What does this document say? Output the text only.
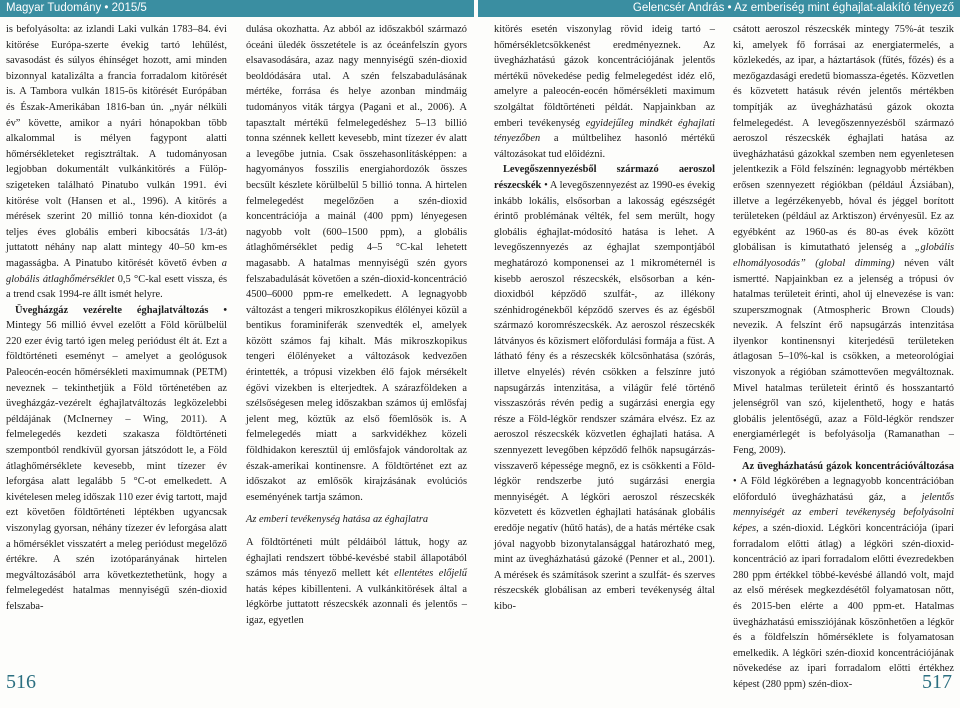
Magyar Tudomány • 2015/5	Gelencsér András • Az emberiség mint éghajlat-alakító tényező

is befolyásolta: az izlandi Laki vulkán 1783–84. évi kitörése Európa-szerte évekig tartó lehűlést, savasodást és súlyos éhínséget hozott, ami minden bizonnyal katalizálta a francia forradalom kitörését is. A Tambora vulkán 1815-ös kitörését Európában és Észak-Amerikában 1816-ban ún. „nyár nélküli év” követte, amikor a nyári hónapokban több alkalommal is mélyen fagypont alatti hőmérsékleteket regisztráltak. A tudományosan legjobban dokumentált vulkánkitörés a Fülöp-szigeteken található Pinatubo vulkán 1991. évi kitörése volt (Hansen et al., 1996). A kitörés a mérések szerint 20 millió tonna kén-dioxidot (a teljes éves globális emberi kibocsátás 1/3-át) juttatott néhány nap alatt mintegy 40–50 km-es magasságba. A Pinatubo kitörését követő évben a globális átlaghőmérséklet 0,5 °C-kal esett vissza, és a trend csak 1994-re állt ismét helyre.

Üvegházgáz vezérelte éghajlatváltozás • Mintegy 56 millió évvel ezelőtt a Föld körülbelül 220 ezer évig tartó igen meleg periódust élt át. Ezt a földtörténeti eseményt – amelyet a geológusok Paleocén-eocén hőmérsékleti maximumnak (PETM) neveznek – tekinthetjük a Föld történetében az üvegházgáz-vezérelt éghajlatváltozás legközelebbi példájának (McInerney – Wing, 2011). A felmelegedés kezdeti szakasza földtörténeti szempontból rendkívül gyorsan játszódott le, a Föld átlaghőmérséklete kevesebb, mint tízezer év leforgása alatt legalább 5 °C-ot emelkedett. A kivételesen meleg időszak 110 ezer évig tartott, majd ezt követően földtörténeti léptékben ugyancsak viszonylag gyorsan, néhány tízezer év leforgása alatt a hőmérséklet visszatért a meleg periódust megelőző értékre. A szén izotóparányának hirtelen megváltozásából arra következtethetünk, hogy a felmelegedést hatalmas mennyiségű szén-dioxid felszaba-

dulása okozhatta. Az abból az időszakból származó óceáni üledék összetétele is az óceánfelszín gyors elsavasodására, azaz nagy mennyiségű szén-dioxid beoldódására utal. A szén felszabadulásának mértéke, forrása és helye azonban mindmáig tudományos viták tárgya (Pagani et al., 2006). A tapasztalt mértékű felmelegedéshez 5–13 billió tonna szénnek kellett kevesebb, mint tízezer év alatt a levegőbe jutnia. Csak összehasonlításképpen: a hagyományos fosszilis energiahordozók összes becsült készlete körülbelül 5 billió tonna. A hirtelen felmelegedést megelőzően a szén-dioxid koncentrációja a mainál (400 ppm) lényegesen nagyobb volt (600–1500 ppm), a globális átlaghőmérséklet pedig 4–5 °C-kal lehetett magasabb. A hatalmas mennyiségű szén gyors felszabadulását követően a szén-dioxid-koncentráció 4500–6000 ppm-re emelkedett. A legnagyobb változást a tengeri mikroszkopikus élőlényei közül a bentikus foraminiferák szenvedték el, amelyek között számos faj kihalt. Más mikroszkopikus tengeri élőlényeket a változások kedvezően érintették, a trópusi vizekben élő fajok mérsékelt égövi vizekben is elterjedtek. A szárazföldeken a szélsőségesen meleg időszakban számos új emlősfaj jelent meg, köztük az első főemlősök is. A felmelegedés miatt a sarkvidékhez közeli földhidakon keresztül új emlősfajok vándoroltak az észak-amerikai kontinensre. A földtörténet ezt az időszakot az emlősök kirajzásának evolúciós eseményének tartja számon.

Az emberi tevékenység hatása az éghajlatra

A földtörténeti múlt példáiból láttuk, hogy az éghajlati rendszert többé-kevésbé stabil állapotából számos más tényező mellett két ellentétes előjelű hatás képes kibillenteni. A vulkánkitörések által a légkörbe juttatott részecskék azonnali és jelentős – igaz, egyetlen

kitörés esetén viszonylag rövid ideig tartó – hőmérsékletcsökkenést eredményeznek. Az üvegházhatású gázok koncentrációjának jelentős mértékű növekedése pedig felmelegedést idéz elő, amelyre a paleocén-eocén hőmérsékleti maximum szolgáltat földtörténeti példát. Napjainkban az emberi tevékenység egyidejűleg mindkét éghajlati tényezőben a múltbelihez hasonló mértékű változásokat tud előidézni.

Levegőszennyezésből származó aeroszol részecskék • A levegőszennyezést az 1990-es évekig inkább lokális, elsősorban a lakosság egészségét érintő problémának vélték, fel sem merült, hogy globális éghajlat-módosító hatása is lehet. A levegőszennyezés az éghajlat szempontjából meghatározó komponensei az 1 mikrométernél is kisebb aeroszol részecskék, elsősorban a kén-dioxidból képződő szulfát-, az illékony szénhidrogénekből képződő szerves és az égésből származó koromrészecskék. Az aeroszol részecskék látványos és közismert előfordulási formája a füst. A látható fény és a részecskék kölcsönhatása (szórás, illetve elnyelés) révén csökken a felszínre jutó napsugárzás intenzitása, a világűr felé történő visszaszórás révén pedig a sugárzási energia egy része a Föld-légkör rendszer számára elvész. Ez az aeroszol részecskék közvetlen éghajlati hatása. A szennyezett levegőben képződő felhők napsugárzás-visszaverő képessége megnő, ez is csökkenti a Föld-légkör rendszerbe jutó sugárzási energia mennyiségét. A légköri aeroszol részecskék közvetett és közvetlen éghajlati hatásának globális eredője negatív (hűtő hatás), de a hatás mértéke csak jóval nagyobb bizonytalansággal határozható meg, mint az üvegházhatású gázoké (Penner et al., 2001). A mérések és számítások szerint a szulfát- és szerves részecskék globálisan az emberi tevékenység által kibo-

csátott aeroszol részecskék mintegy 75%-át teszik ki, amelyek fő forrásai az energiatermelés, a közlekedés, az ipar, a háztartások (fűtés, főzés) és a mezőgazdasági eredetű biomassza-égetés. Közvetlen és közvetett hatásuk révén jelentős mértékben tompítják az üvegházhatású gázok okozta felmelegedést. A levegőszennyezésből származó aeroszol részecskék éghajlati hatása az üvegházhatású gázokkal szemben nem egyenletesen jelentkezik a Föld felszínén: legnagyobb mértékben erősen szennyezett régiókban (például Ázsiában), illetve a legérzékenyebb, hóval és jéggel borított területeken (például az Arktiszon) érvényesül. Ez az egyébként az 1960-as és 80-as évek között globálisan is kimutatható jelenség a „globális elhomályosodás” (global dimming) néven vált ismertté. Napjainkban ez a jelenség a trópusi óv hatalmas területeit érinti, ahol új elnevezése is van: szuperszmognak (Atmospheric Brown Clouds) nevezik. A felszínt érő napsugárzás intenzitása ilyenkor kontinensnyi kiterjedésű területeken átlagosan 5–10%-kal is csökken, a meteorológiai viszonyok a régióban számottevően megváltoznak. Mivel hatalmas területeit érintő és hosszantartó jelenségről van szó, kijelenthető, hogy e hatás globális jelentőségű, azaz a Föld-légkör rendszer energiamérlegét is befolyásolja (Ramanathan – Feng, 2009).

Az üvegházhatású gázok koncentrációváltozása • A Föld légkörében a legnagyobb koncentrációban előforduló üvegházhatású gáz, a jelentős mennyiségét az emberi tevékenység befolyásolni képes, a szén-dioxid. Légköri koncentrációja (ipari forradalom előtti átlag) a légköri szén-dioxid-koncentráció az ipari forradalom előtti évezredekben 280 ppm értékkel többé-kevésbé állandó volt, majd az első mérések megkezdésétől folyamatosan nőtt, és 2015-ben elérte a 400 ppm-et. Hatalmas üvegházhatású emissziójának köszönhetően a légkör és a földfelszín hőmérséklete is folyamatosan emelkedik. A légköri szén-dioxid koncentrációjának növekedése az ipari forradalom előtti értékhez képest (280 ppm) szén-diox-

516	517
